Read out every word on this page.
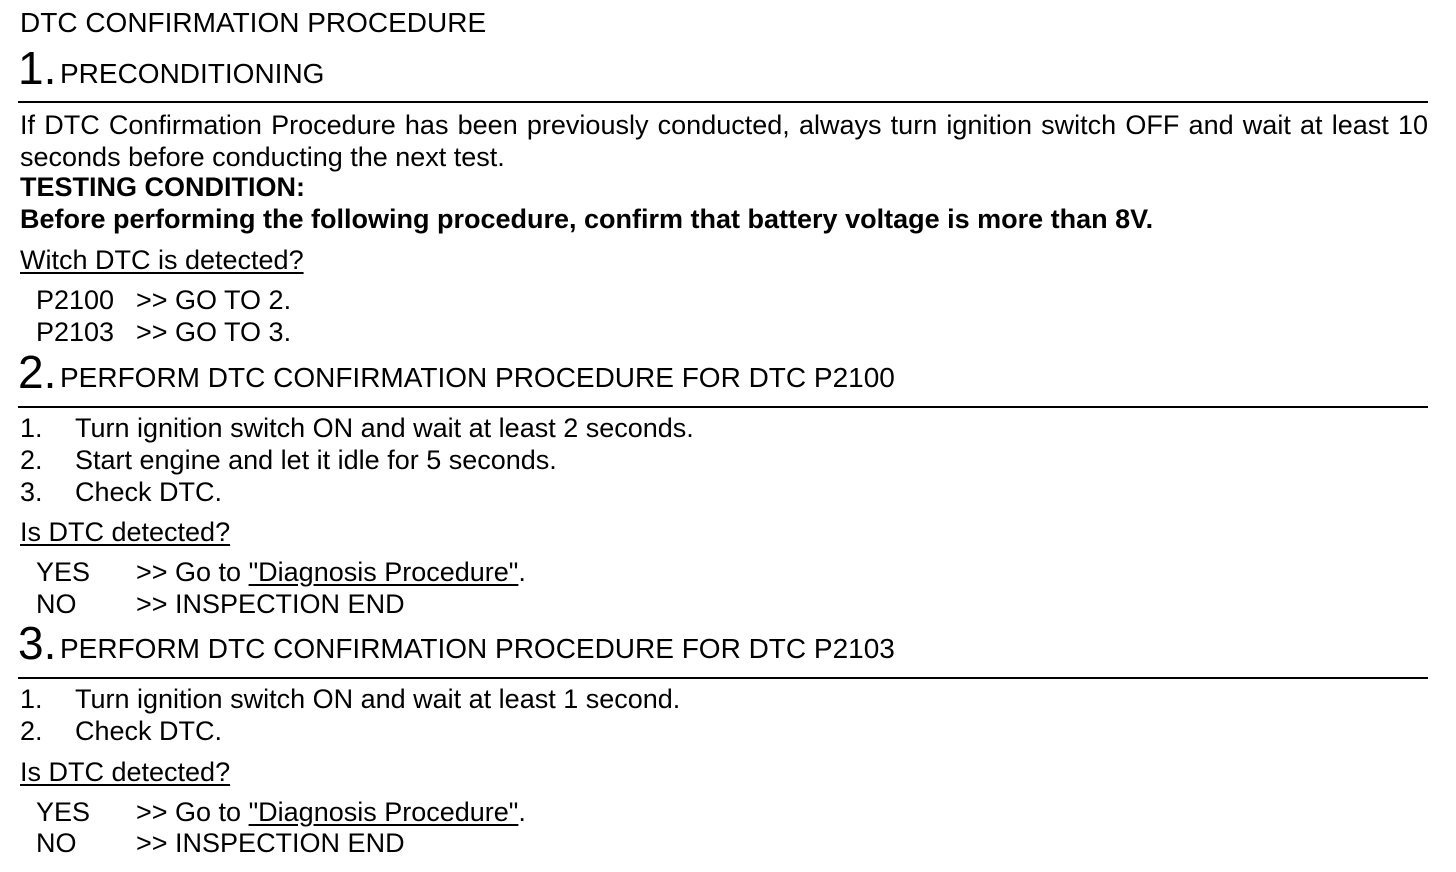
DTC CONFIRMATION PROCEDURE
1. PRECONDITIONING
If DTC Confirmation Procedure has been previously conducted, always turn ignition switch OFF and wait at least 10 seconds before conducting the next test.
TESTING CONDITION:
Before performing the following procedure, confirm that battery voltage is more than 8V.
Witch DTC is detected?
P2100 >> GO TO 2.
P2103 >> GO TO 3.
2. PERFORM DTC CONFIRMATION PROCEDURE FOR DTC P2100
1. Turn ignition switch ON and wait at least 2 seconds.
2. Start engine and let it idle for 5 seconds.
3. Check DTC.
Is DTC detected?
YES >> Go to "Diagnosis Procedure".
NO >> INSPECTION END
3. PERFORM DTC CONFIRMATION PROCEDURE FOR DTC P2103
1. Turn ignition switch ON and wait at least 1 second.
2. Check DTC.
Is DTC detected?
YES >> Go to "Diagnosis Procedure".
NO >> INSPECTION END
